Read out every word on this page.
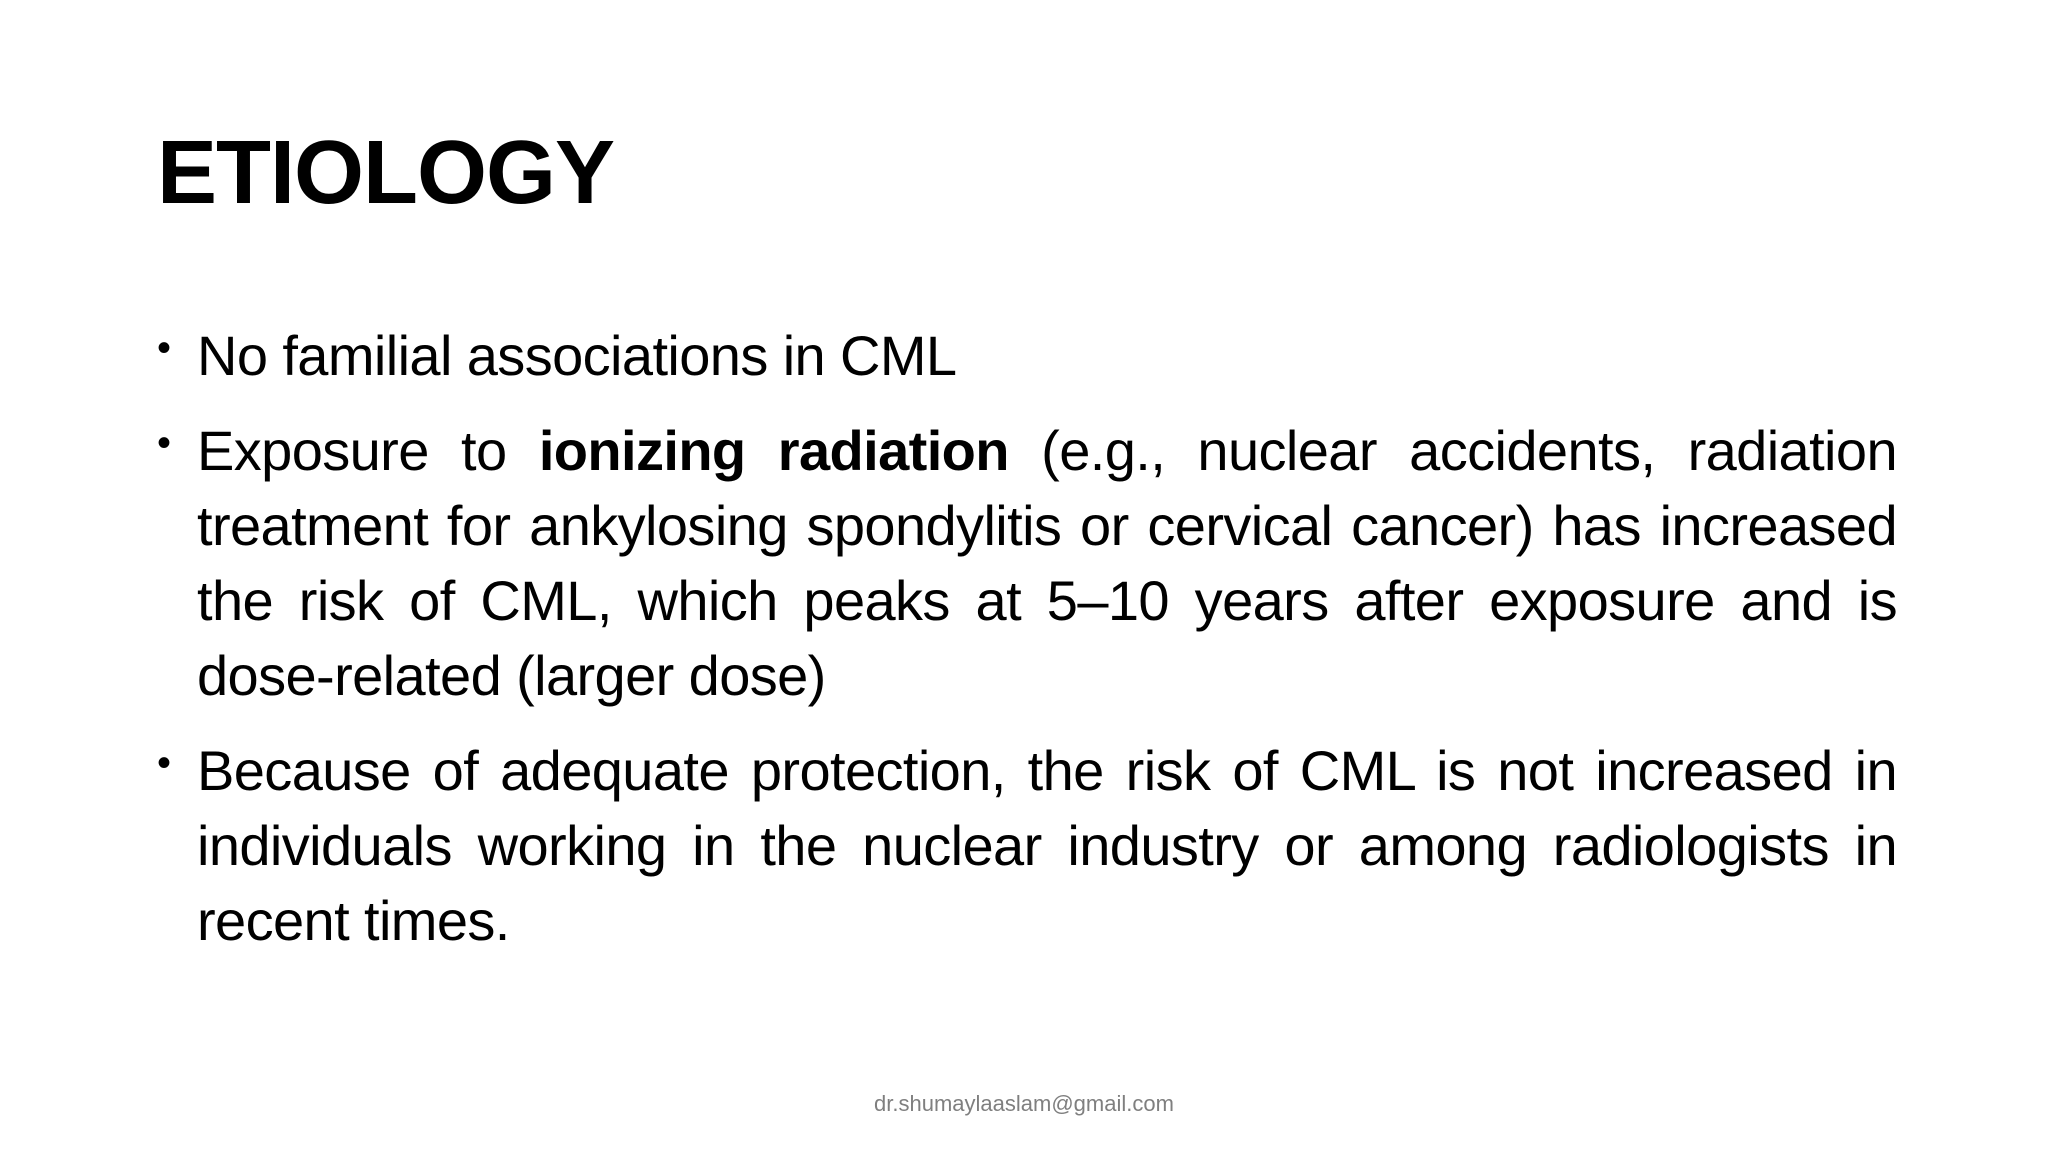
ETIOLOGY
• No familial associations in CML
• Exposure to ionizing radiation (e.g., nuclear accidents, radiation treatment for ankylosing spondylitis or cervical cancer) has increased the risk of CML, which peaks at 5–10 years after exposure and is dose-related (larger dose)
• Because of adequate protection, the risk of CML is not increased in individuals working in the nuclear industry or among radiologists in recent times.
dr.shumaylaaslam@gmail.com
